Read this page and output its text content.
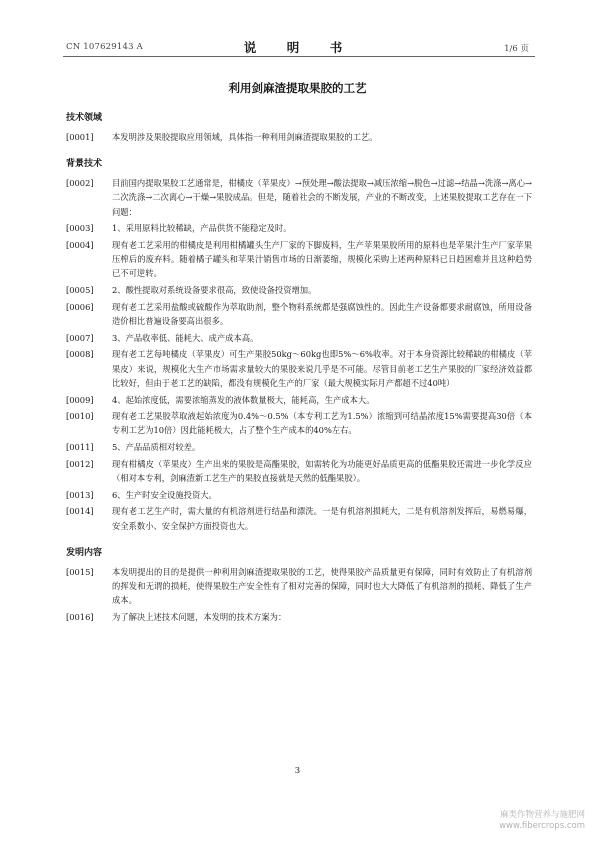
CN 107629143 A	说　明　书	1/6 页
利用剑麻渣提取果胶的工艺
技术领域
[0001]	本发明涉及果胶提取应用领域，具体指一种利用剑麻渣提取果胶的工艺。
背景技术
[0002]	目前国内提取果胶工艺通常是，柑橘皮（苹果皮）→预处理→酸法提取→减压浓缩→脱色→过滤→结晶→洗涤→离心→二次洗涤→二次离心→干燥→果胶成品。但是，随着社会的不断发展，产业的不断改变，上述果胶提取工艺存在一下问题：
[0003]	1、采用原料比较稀缺，产品供货不能稳定及时。
[0004]	现有老工艺采用的柑橘皮是利用柑橘罐头生产厂家的下脚废料，生产苹果果胶所用的原料也是苹果汁生产厂家苹果压榨后的废弃料。随着橘子罐头和苹果汁销售市场的日渐萎缩，规模化采购上述两种原料已日趋困难并且这种趋势已不可逆转。
[0005]	2、酸性提取对系统设备要求很高，致使设备投资增加。
[0006]	现有老工艺采用盐酸或硫酸作为萃取助剂，整个物料系统都是强腐蚀性的。因此生产设备都要求耐腐蚀，所用设备造价相比普遍设备要高出很多。
[0007]	3、产品收率低、能耗大、成产成本高。
[0008]	现有老工艺每吨橘皮（苹果皮）可生产果胶50kg～60kg也即5%～6%收率。对于本身资源比较稀缺的柑橘皮（苹果皮）来说，规模化大生产市场需求量较大的果胶来说几乎是不可能。尽管目前老工艺生产果胶的厂家经济效益都比较好，但由于老工艺的缺陷，都没有规模化生产的厂家（最大规模实际月产都超不过40吨）
[0009]	4、起始浓度低，需要浓缩蒸发的液体数量极大，能耗高，生产成本大。
[0010]	现有老工艺果胶萃取液起始浓度为0.4%～0.5%（本专利工艺为1.5%）浓缩到可结晶浓度15%需要提高30倍（本专利工艺为10倍）因此能耗极大，占了整个生产成本的40%左右。
[0011]	5、产品品质相对较差。
[0012]	现有柑橘皮（苹果皮）生产出来的果胶是高酯果胶，如需转化为功能更好品质更高的低酯果胶还需进一步化学反应（相对本专利，剑麻渣新工艺生产的果胶直接就是天然的低酯果胶）。
[0013]	6、生产时安全设施投资大。
[0014]	现有老工艺生产时，需大量的有机溶剂进行结晶和漂洗。一是有机溶剂损耗大，二是有机溶剂发挥后，易燃易爆，安全系数小、安全保护方面投资也大。
发明内容
[0015]	本发明提出的目的是提供一种利用剑麻渣提取果胶的工艺，使得果胶产品质量更有保障，同时有效防止了有机溶剂的挥发和无谓的损耗，使得果胶生产安全性有了相对完善的保障，同时也大大降低了有机溶剂的损耗、降低了生产成本。
[0016]	为了解决上述技术问题，本发明的技术方案为：
3
麻类作物营养与施肥网
www.fibercrops.com
